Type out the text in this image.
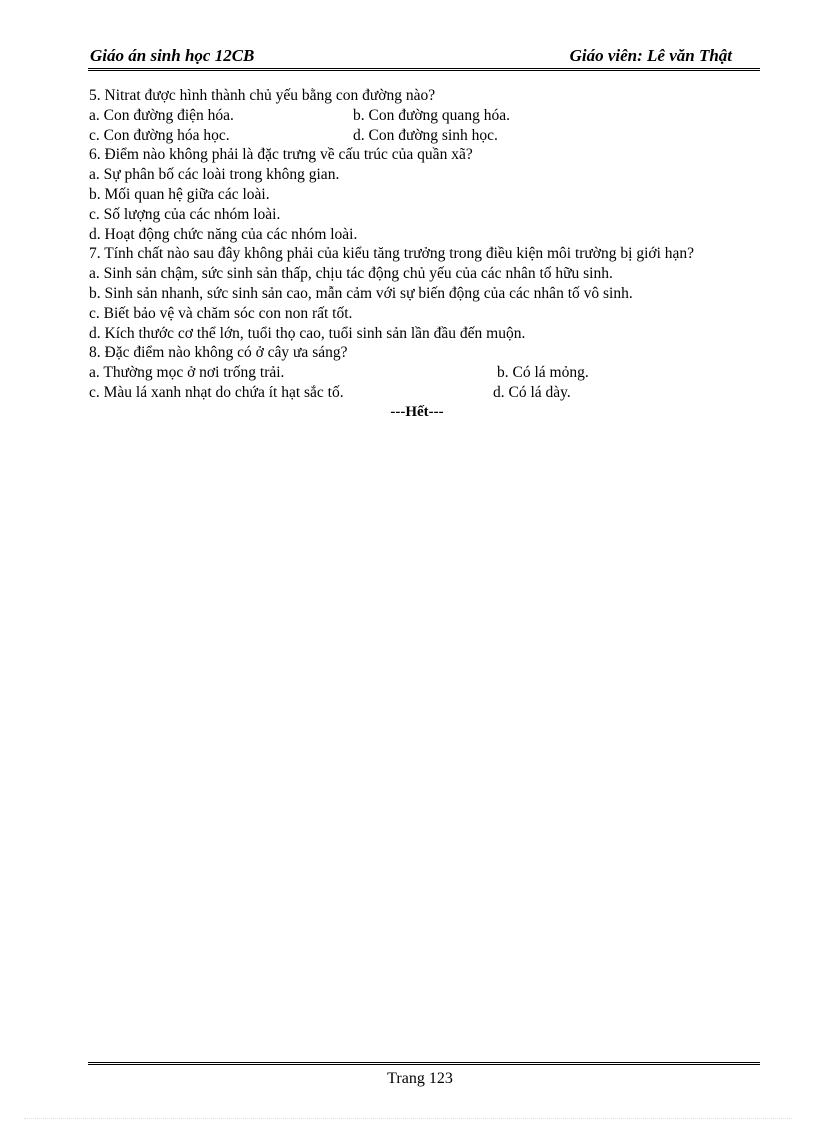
Giáo án sinh học 12CB	Giáo viên: Lê văn Thật
5. Nitrat được hình thành chủ yếu bằng con đường nào?
a. Con đường điện hóa.	b. Con đường quang hóa.
c. Con đường hóa học.	d. Con đường sinh học.
6. Điểm nào không phải là đặc trưng về cấu trúc của quần xã?
a. Sự phân bố các loài trong không gian.
b. Mối quan hệ giữa các loài.
c. Số lượng của các nhóm loài.
d. Hoạt động chức năng của các nhóm loài.
7. Tính chất nào sau đây không phải của kiểu tăng trưởng trong điều kiện môi trường bị giới hạn?
a. Sinh sản chậm, sức sinh sản thấp, chịu tác động chủ yếu của các nhân tố hữu sinh.
b. Sinh sản nhanh, sức sinh sản cao, mẫn cảm với sự biến động của các nhân tố vô sinh.
c. Biết bảo vệ và chăm sóc con non rất tốt.
d. Kích thước cơ thể lớn, tuổi thọ cao, tuổi sinh sản lần đầu đến muộn.
8. Đặc điểm nào không có ở cây ưa sáng?
a. Thường mọc ở nơi trống trải.	b. Có lá mỏng.
c. Màu lá xanh nhạt do chứa ít hạt sắc tố.	d. Có lá dày.
---Hết---
Trang 123
